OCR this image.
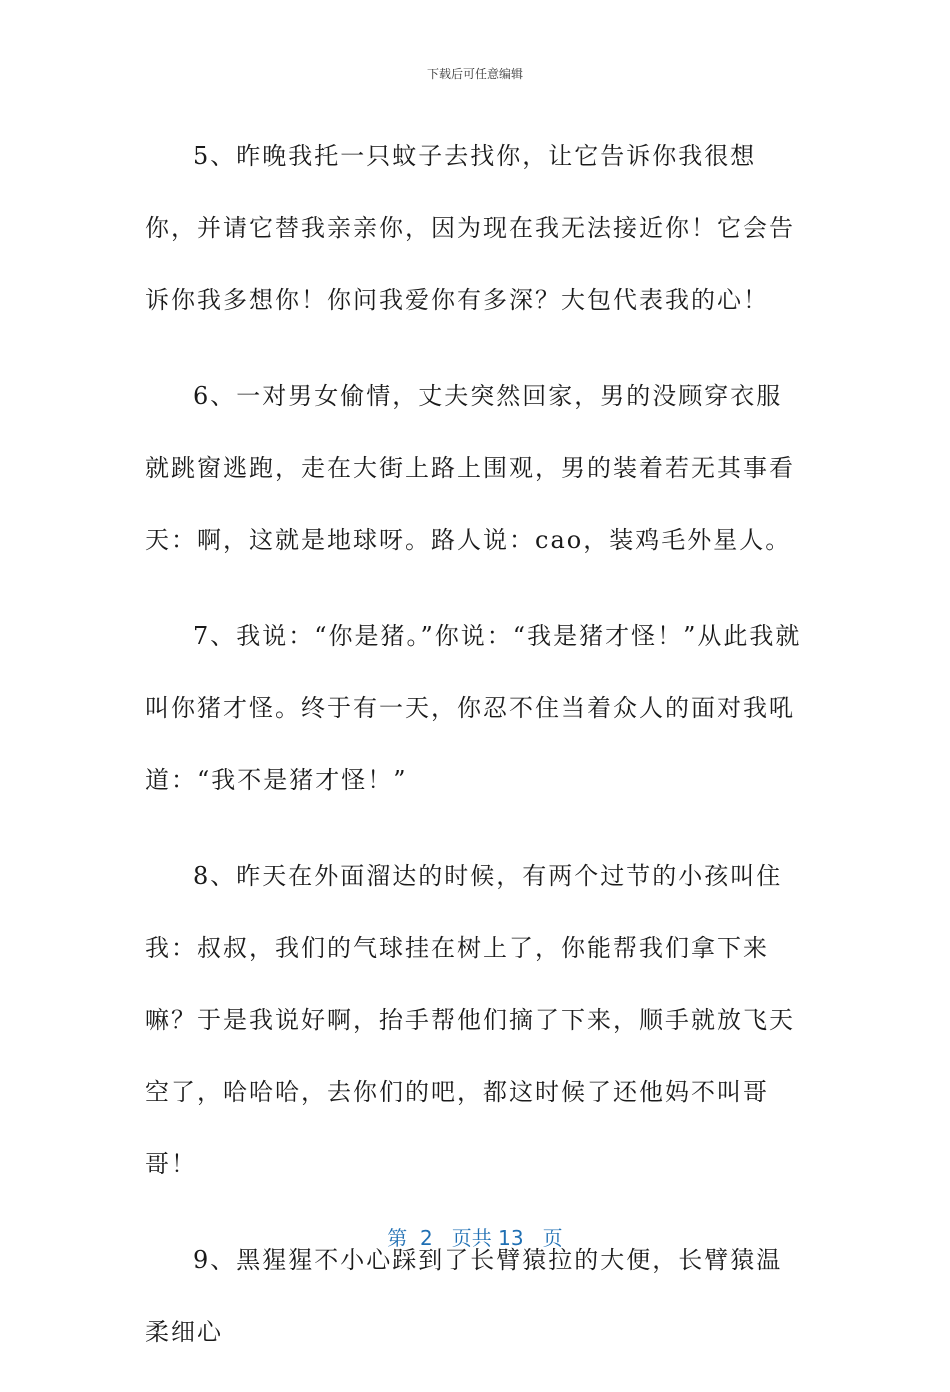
下载后可任意编辑

5、昨晚我托一只蚊子去找你，让它告诉你我很想你，并请它替我亲亲你，因为现在我无法接近你！它会告诉你我多想你！你问我爱你有多深？大包代表我的心！

6、一对男女偷情，丈夫突然回家，男的没顾穿衣服就跳窗逃跑，走在大街上路上围观，男的装着若无其事看天：啊，这就是地球呀。路人说：cao，装鸡毛外星人。

7、我说：“你是猪。”你说：“我是猪才怪！”从此我就叫你猪才怪。终于有一天，你忍不住当着众人的面对我吼道：“我不是猪才怪！”

8、昨天在外面溜达的时候，有两个过节的小孩叫住我：叔叔，我们的气球挂在树上了，你能帮我们拿下来嘛？于是我说好啊，抬手帮他们摘了下来，顺手就放飞天空了，哈哈哈，去你们的吧，都这时候了还他妈不叫哥哥！

9、黑猩猩不小心踩到了长臂猿拉的大便，长臂猿温柔细心

第  2   页共 13   页
